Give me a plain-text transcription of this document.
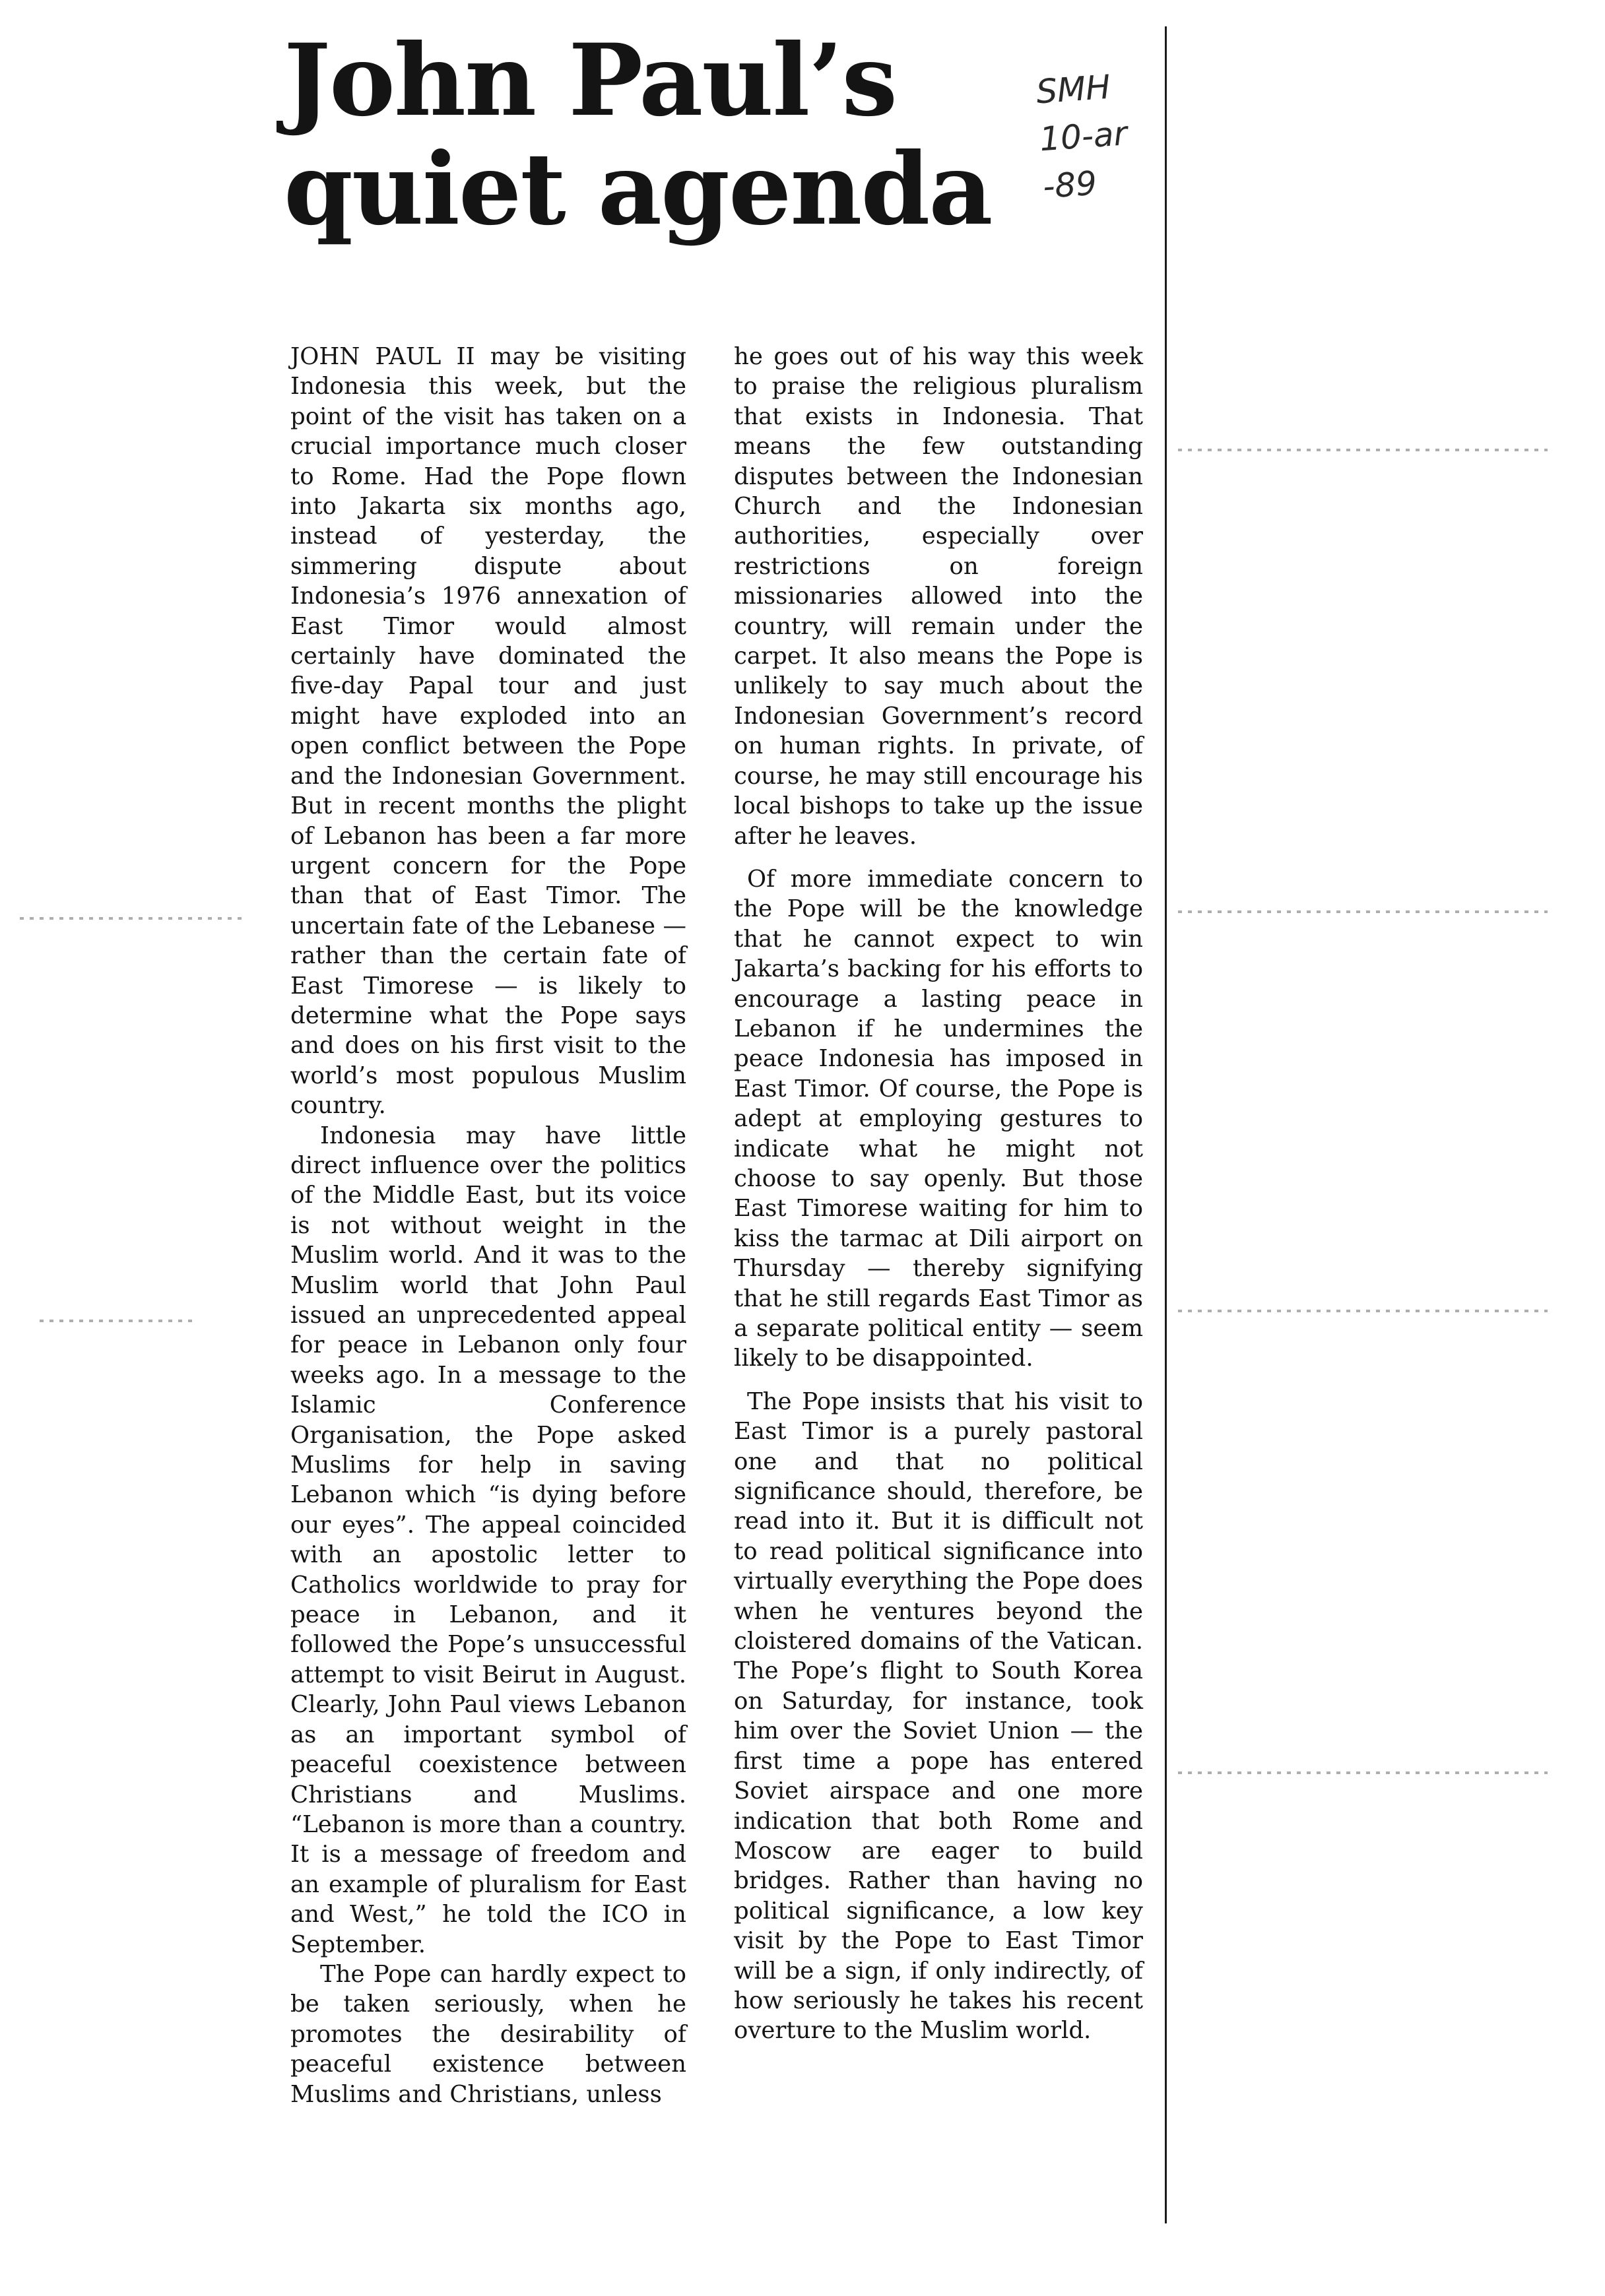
John Paul’s
quiet agenda
SMH
10-ar
-89

JOHN PAUL II may be visiting Indonesia this week, but the point of the visit has taken on a crucial importance much closer to Rome. Had the Pope flown into Jakarta six months ago, instead of yesterday, the simmering dispute about Indonesia’s 1976 annexation of East Timor would almost certainly have dominated the five-day Papal tour and just might have exploded into an open conflict between the Pope and the Indonesian Government. But in recent months the plight of Lebanon has been a far more urgent concern for the Pope than that of East Timor. The uncertain fate of the Lebanese — rather than the certain fate of East Timorese — is likely to determine what the Pope says and does on his first visit to the world’s most populous Muslim country.

Indonesia may have little direct influence over the politics of the Middle East, but its voice is not without weight in the Muslim world. And it was to the Muslim world that John Paul issued an unprecedented appeal for peace in Lebanon only four weeks ago. In a message to the Islamic Conference Organisation, the Pope asked Muslims for help in saving Lebanon which “is dying before our eyes”. The appeal coincided with an apostolic letter to Catholics worldwide to pray for peace in Lebanon, and it followed the Pope’s unsuccessful attempt to visit Beirut in August. Clearly, John Paul views Lebanon as an important symbol of peaceful coexistence between Christians and Muslims. “Lebanon is more than a country. It is a message of freedom and an example of pluralism for East and West,” he told the ICO in September.

The Pope can hardly expect to be taken seriously, when he promotes the desirability of peaceful existence between Muslims and Christians, unless

he goes out of his way this week to praise the religious pluralism that exists in Indonesia. That means the few outstanding disputes between the Indonesian Church and the Indonesian authorities, especially over restrictions on foreign missionaries allowed into the country, will remain under the carpet. It also means the Pope is unlikely to say much about the Indonesian Government’s record on human rights. In private, of course, he may still encourage his local bishops to take up the issue after he leaves.

Of more immediate concern to the Pope will be the knowledge that he cannot expect to win Jakarta’s backing for his efforts to encourage a lasting peace in Lebanon if he undermines the peace Indonesia has imposed in East Timor. Of course, the Pope is adept at employing gestures to indicate what he might not choose to say openly. But those East Timorese waiting for him to kiss the tarmac at Dili airport on Thursday — thereby signifying that he still regards East Timor as a separate political entity — seem likely to be disappointed.

The Pope insists that his visit to East Timor is a purely pastoral one and that no political significance should, therefore, be read into it. But it is difficult not to read political significance into virtually everything the Pope does when he ventures beyond the cloistered domains of the Vatican. The Pope’s flight to South Korea on Saturday, for instance, took him over the Soviet Union — the first time a pope has entered Soviet airspace and one more indication that both Rome and Moscow are eager to build bridges. Rather than having no political significance, a low key visit by the Pope to East Timor will be a sign, if only indirectly, of how seriously he takes his recent overture to the Muslim world.
